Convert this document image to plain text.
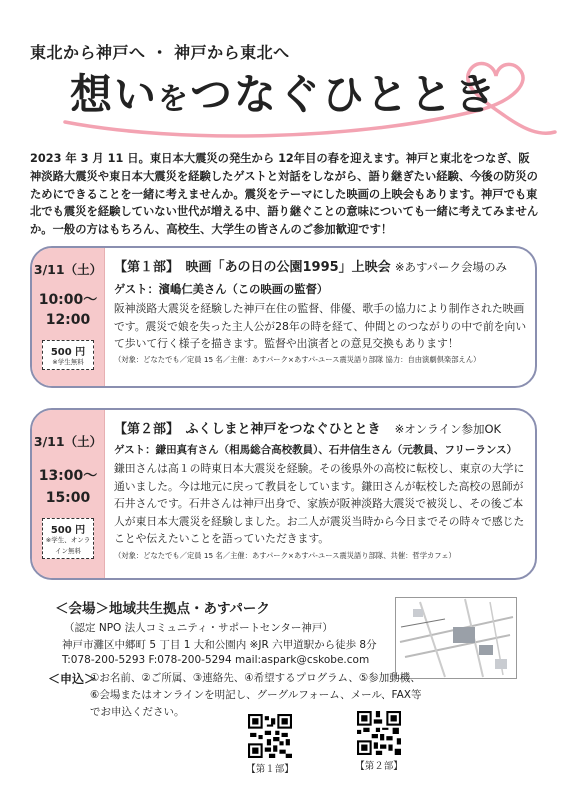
東北から神戸へ ・ 神戸から東北へ
想いをつなぐひととき
2023 年 3 月 11 日。東日本大震災の発生から 12年目の春を迎えます。神戸と東北をつなぎ、阪神淡路大震災や東日本大震災を経験したゲストと対話をしながら、語り継ぎたい経験、今後の防災のためにできることを一緒に考えませんか。震災をテーマにした映画の上映会もあります。神戸でも東北でも震災を経験していない世代が増える中、語り継ぐことの意味についても一緒に考えてみませんか。一般の方はもちろん、高校生、大学生の皆さんのご参加歓迎です！
3/11（土）
10:00～
12:00
500 円
※学生無料
【第１部】　映画「あの日の公園1995」上映会 ※あすパーク会場のみ
ゲスト：濱嶋仁美さん（この映画の監督）
阪神淡路大震災を経験した神戸在住の監督、俳優、歌手の協力により制作された映画です。震災で娘を失った主人公が28年の時を経て、仲間とのつながりの中で前を向いて歩いて行く様子を描きます。監督や出演者との意見交換もあります！
（対象：どなたでも／定員 15 名／主催：あすパーク×あすパ-ユース震災語り部隊 協力：自由演劇倶楽部えん）
3/11（土）
13:00～
15:00
500 円
※学生、オンラ
イン無料
【第２部】　ふくしまと神戸をつなぐひととき ※オンライン参加OK
ゲスト：鎌田真有さん（相馬総合高校教員）、石井信生さん（元教員、フリーランス）
鎌田さんは高１の時東日本大震災を経験。その後県外の高校に転校し、東京の大学に通いました。今は地元に戻って教員をしています。鎌田さんが転校した高校の恩師が石井さんです。石井さんは神戸出身で、家族が阪神淡路大震災で被災し、その後ご本人が東日本大震災を経験しました。お二人が震災当時から今日までその時々で感じたことや伝えたいことを語っていただきます。
（対象：どなたでも／定員 15 名／主催：あすパーク×あすパ-ユース震災語り部隊、共催：哲学カフェ）
＜会場＞地域共生拠点・あすパーク
（認定 NPO 法人コミュニティ・サポートセンター神戸）
神戸市灘区中郷町 5 丁目 1 大和公園内 ※JR 六甲道駅から徒歩 8分
T:078-200-5293 F:078-200-5294 mail:aspark@cskobe.com
＜申込＞
①お名前、②ご所属、③連絡先、④希望するプログラム、⑤参加動機、⑥会場またはオンラインを明記し、グーグルフォーム、メール、FAX等でお申込ください。
【第１部】	【第２部】
